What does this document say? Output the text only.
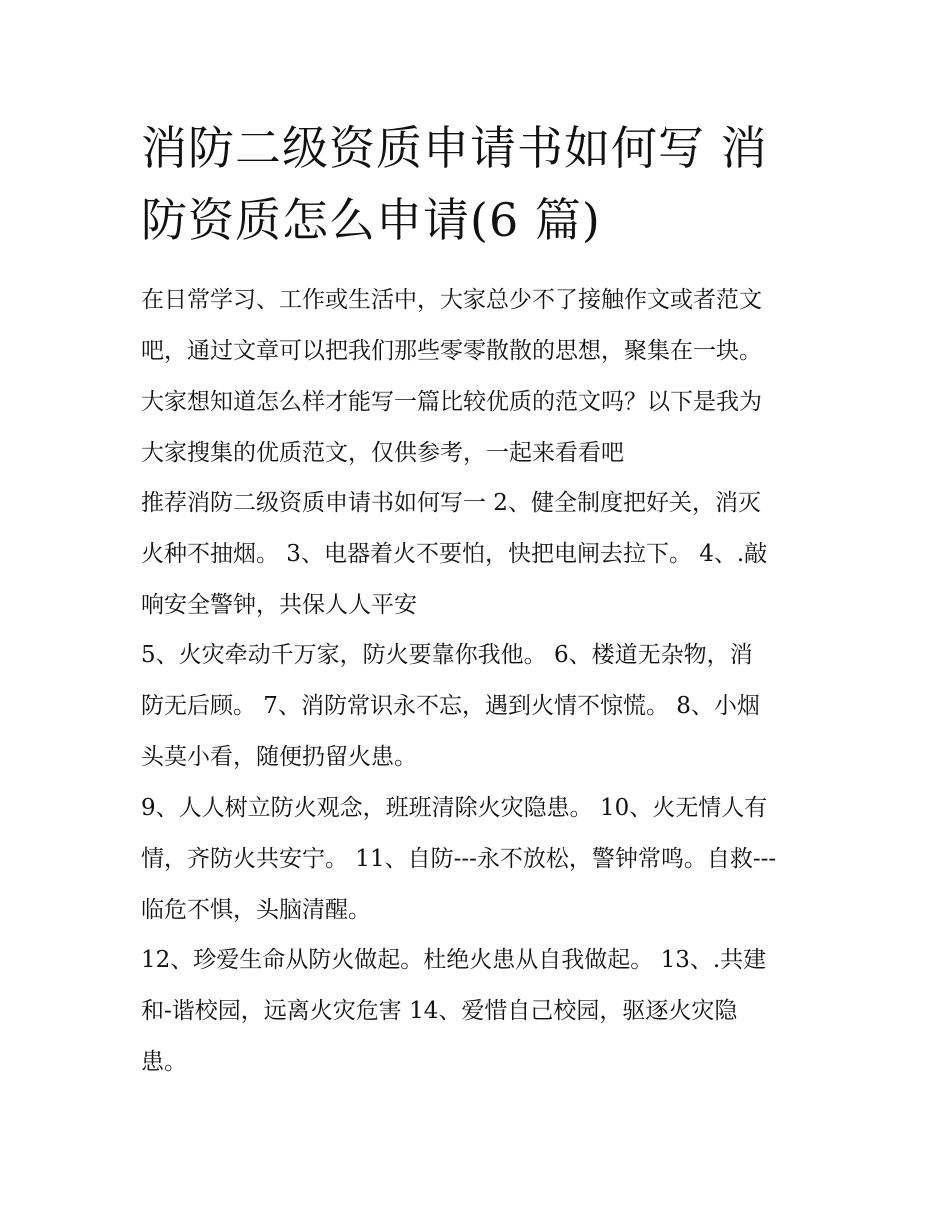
消防二级资质申请书如何写 消
防资质怎么申请(6 篇)

在日常学习、工作或生活中，大家总少不了接触作文或者范文
吧，通过文章可以把我们那些零零散散的思想，聚集在一块。
大家想知道怎么样才能写一篇比较优质的范文吗？以下是我为
大家搜集的优质范文，仅供参考，一起来看看吧

推荐消防二级资质申请书如何写一 2、健全制度把好关，消灭
火种不抽烟。 3、电器着火不要怕，快把电闸去拉下。 4、.敲
响安全警钟，共保人人平安

5、火灾牵动千万家，防火要靠你我他。 6、楼道无杂物，消
防无后顾。 7、消防常识永不忘，遇到火情不惊慌。 8、小烟
头莫小看，随便扔留火患。

9、人人树立防火观念，班班清除火灾隐患。 10、火无情人有
情，齐防火共安宁。 11、自防---永不放松，警钟常鸣。自救---
临危不惧，头脑清醒。

12、珍爱生命从防火做起。杜绝火患从自我做起。 13、.共建
和-谐校园，远离火灾危害 14、爱惜自己校园，驱逐火灾隐
患。
